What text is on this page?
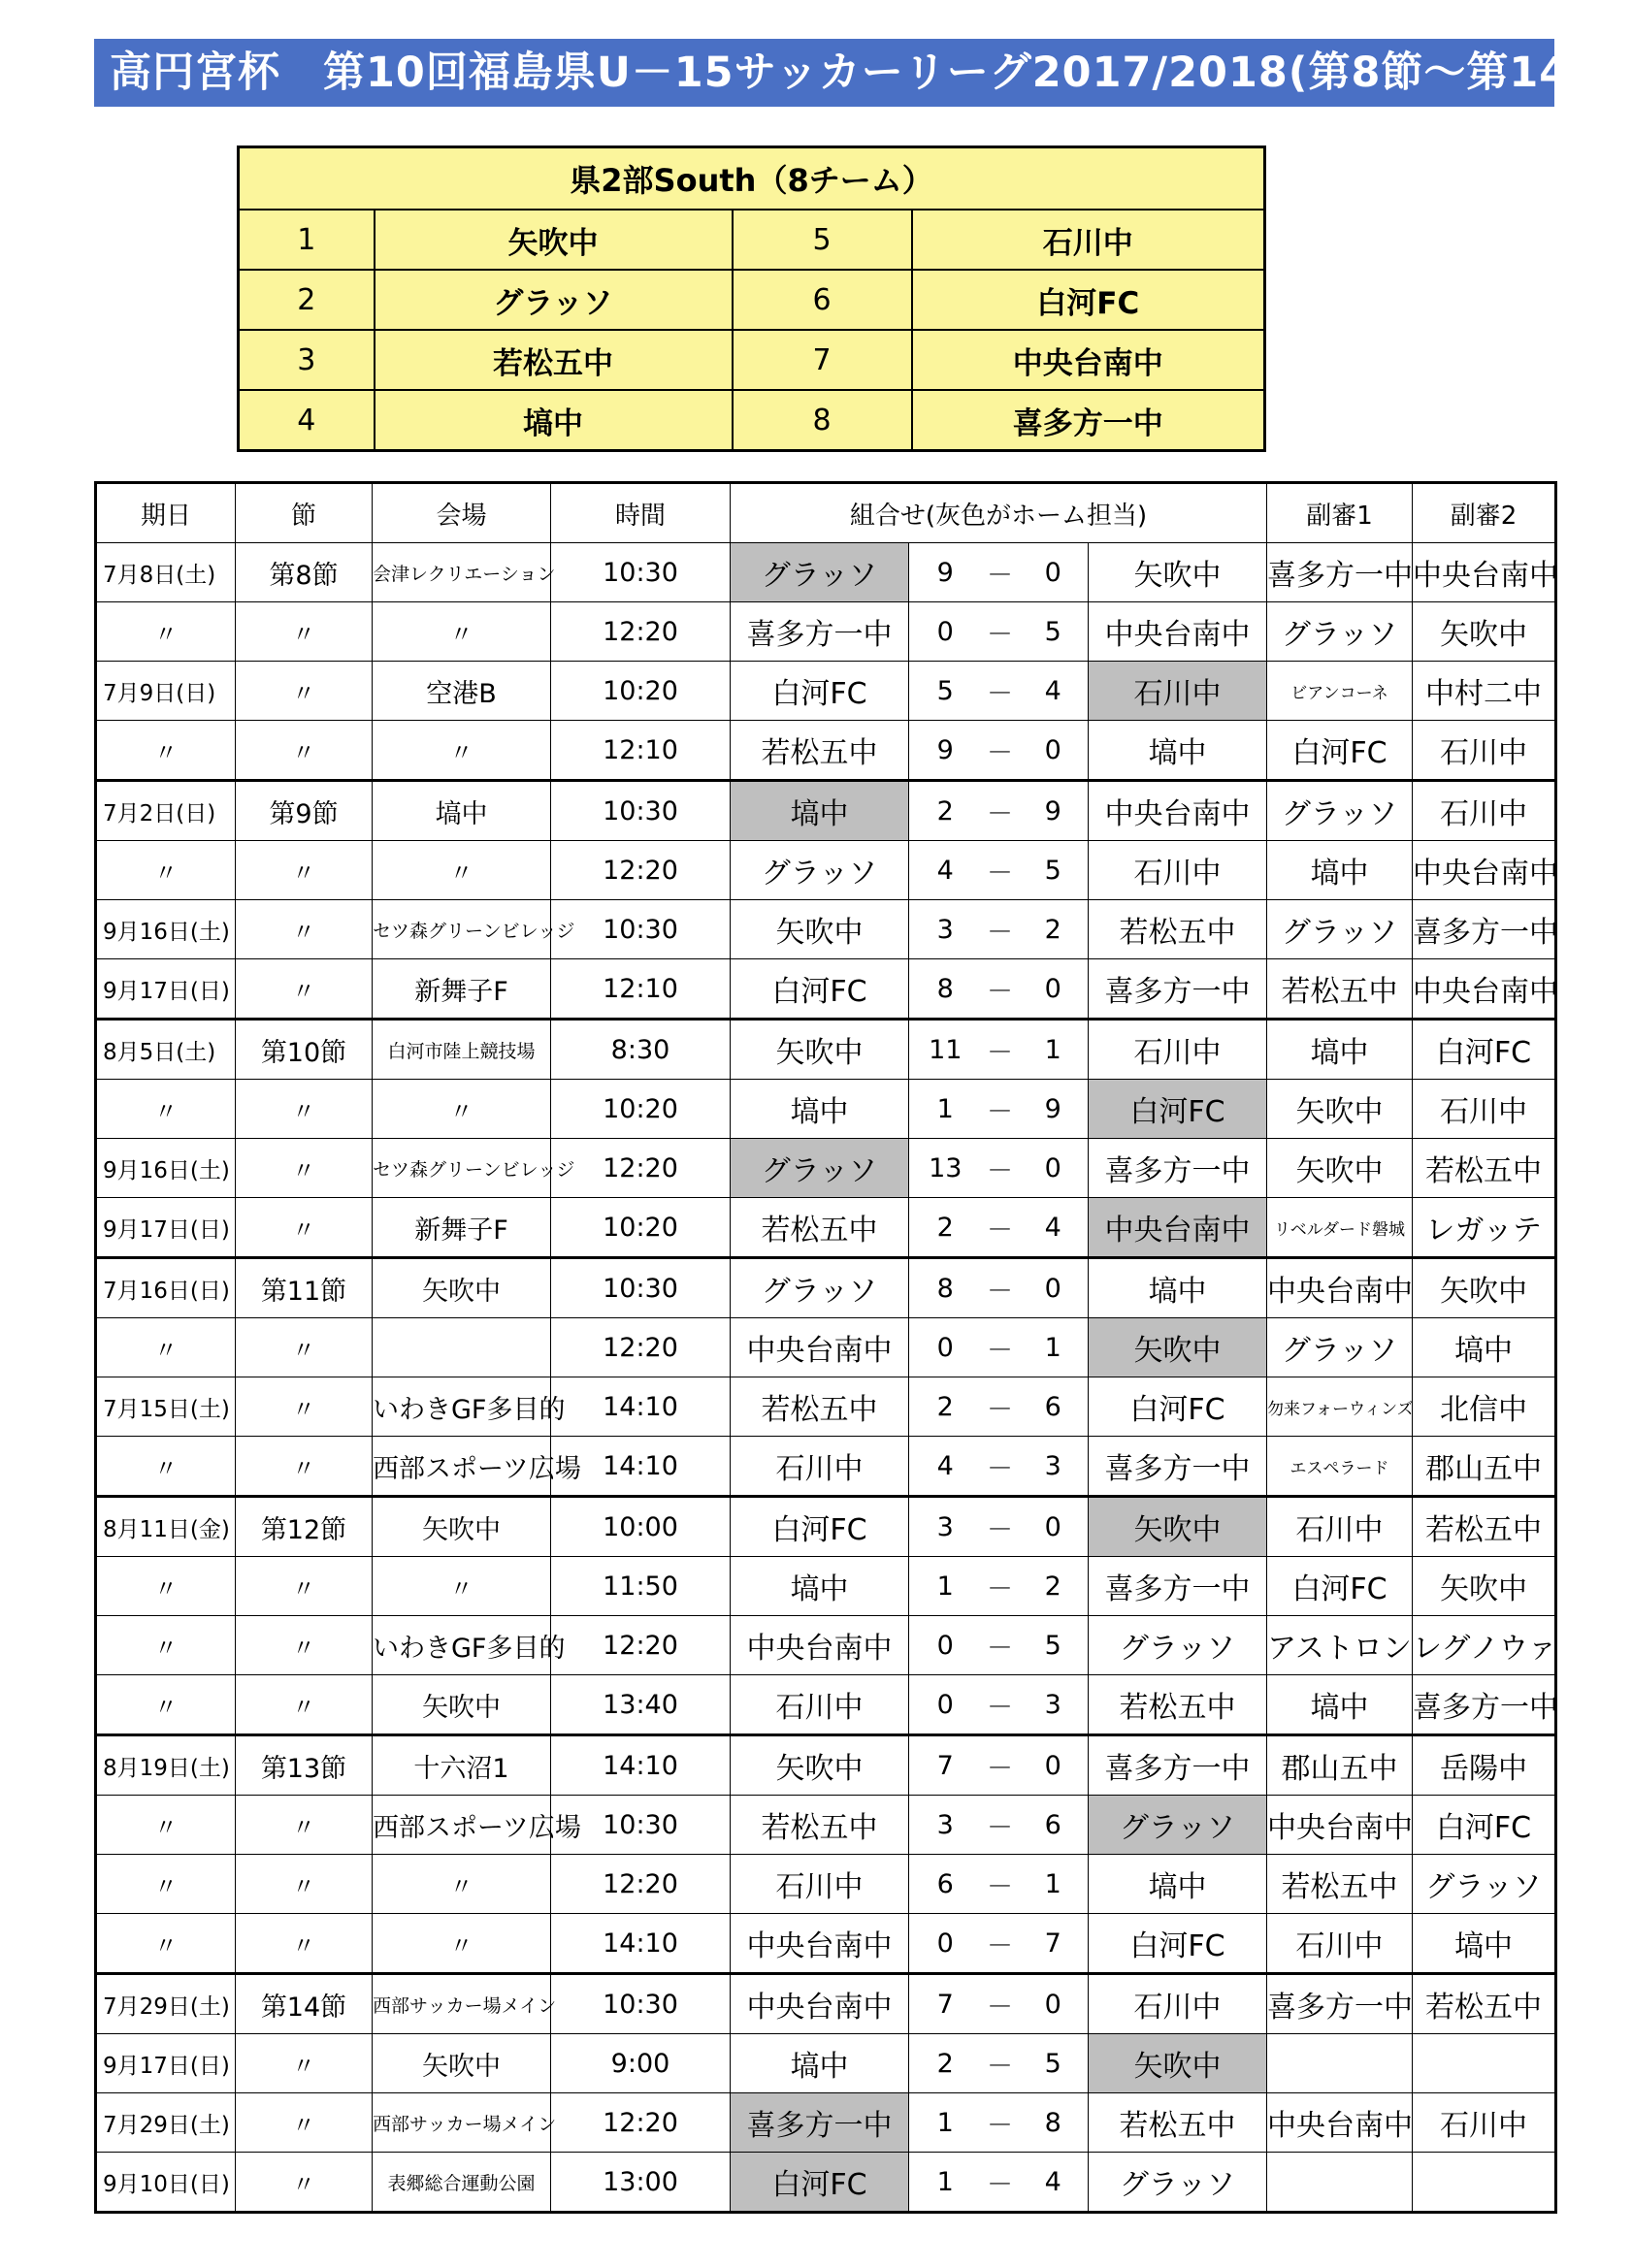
高円宮杯　第10回福島県U－15サッカーリーグ2017/2018(第8節～第14節)
県2部South（8チーム）			
1	矢吹中	5	石川中
2	グラッソ	6	白河FC
3	若松五中	7	中央台南中
4	塙中	8	喜多方一中
期日	節	会場	時間	組合せ(灰色がホーム担当)					副審1	副審2
7月8日(土)	第8節	会津レクリエーション	10:30	グラッソ	9	－	0	矢吹中	喜多方一中	中央台南中
〃	〃	〃	12:20	喜多方一中	0	－	5	中央台南中	グラッソ	矢吹中
7月9日(日)	〃	空港B	10:20	白河FC	5	－	4	石川中	ビアンコーネ	中村二中
〃	〃	〃	12:10	若松五中	9	－	0	塙中	白河FC	石川中
7月2日(日)	第9節	塙中	10:30	塙中	2	－	9	中央台南中	グラッソ	石川中
〃	〃	〃	12:20	グラッソ	4	－	5	石川中	塙中	中央台南中
9月16日(土)	〃	セツ森グリーンビレッジ	10:30	矢吹中	3	－	2	若松五中	グラッソ	喜多方一中
9月17日(日)	〃	新舞子F	12:10	白河FC	8	－	0	喜多方一中	若松五中	中央台南中
8月5日(土)	第10節	白河市陸上競技場	8:30	矢吹中	11	－	1	石川中	塙中	白河FC
〃	〃	〃	10:20	塙中	1	－	9	白河FC	矢吹中	石川中
9月16日(土)	〃	セツ森グリーンビレッジ	12:20	グラッソ	13	－	0	喜多方一中	矢吹中	若松五中
9月17日(日)	〃	新舞子F	10:20	若松五中	2	－	4	中央台南中	リベルダード磐城	レガッテ
7月16日(日)	第11節	矢吹中	10:30	グラッソ	8	－	0	塙中	中央台南中	矢吹中
〃	〃		12:20	中央台南中	0	－	1	矢吹中	グラッソ	塙中
7月15日(土)	〃	いわきGF多目的	14:10	若松五中	2	－	6	白河FC	勿来フォーウィンズ	北信中
〃	〃	西部スポーツ広場	14:10	石川中	4	－	3	喜多方一中	エスペラード	郡山五中
8月11日(金)	第12節	矢吹中	10:00	白河FC	3	－	0	矢吹中	石川中	若松五中
〃	〃	〃	11:50	塙中	1	－	2	喜多方一中	白河FC	矢吹中
〃	〃	いわきGF多目的	12:20	中央台南中	0	－	5	グラッソ	アストロン	レグノウァ
〃	〃	矢吹中	13:40	石川中	0	－	3	若松五中	塙中	喜多方一中
8月19日(土)	第13節	十六沼1	14:10	矢吹中	7	－	0	喜多方一中	郡山五中	岳陽中
〃	〃	西部スポーツ広場	10:30	若松五中	3	－	6	グラッソ	中央台南中	白河FC
〃	〃	〃	12:20	石川中	6	－	1	塙中	若松五中	グラッソ
〃	〃	〃	14:10	中央台南中	0	－	7	白河FC	石川中	塙中
7月29日(土)	第14節	西部サッカー場メイン	10:30	中央台南中	7	－	0	石川中	喜多方一中	若松五中
9月17日(日)	〃	矢吹中	9:00	塙中	2	－	5	矢吹中		
7月29日(土)	〃	西部サッカー場メイン	12:20	喜多方一中	1	－	8	若松五中	中央台南中	石川中
9月10日(日)	〃	表郷総合運動公園	13:00	白河FC	1	－	4	グラッソ		
